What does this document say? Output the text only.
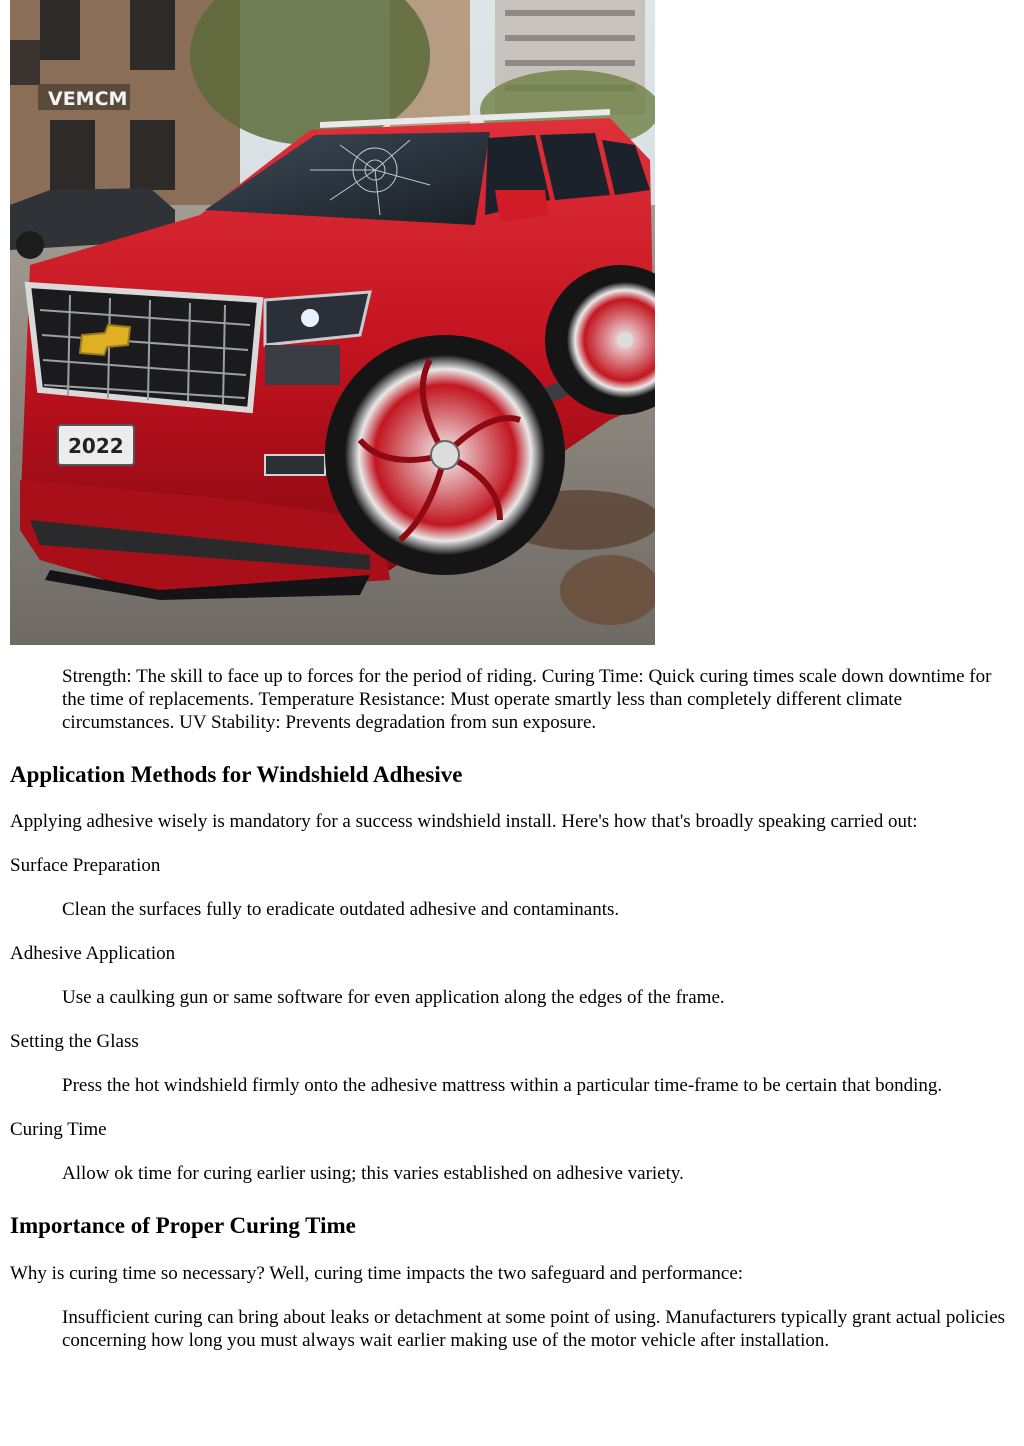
VEMCM
2022

Strength: The skill to face up to forces for the period of riding. Curing Time: Quick curing times scale down downtime for the time of replacements. Temperature Resistance: Must operate smartly less than completely different climate circumstances. UV Stability: Prevents degradation from sun exposure.

Application Methods for Windshield Adhesive

Applying adhesive wisely is mandatory for a success windshield install. Here's how that's broadly speaking carried out:

Surface Preparation

Clean the surfaces fully to eradicate outdated adhesive and contaminants.

Adhesive Application

Use a caulking gun or same software for even application along the edges of the frame.

Setting the Glass

Press the hot windshield firmly onto the adhesive mattress within a particular time-frame to be certain that bonding.

Curing Time

Allow ok time for curing earlier using; this varies established on adhesive variety.

Importance of Proper Curing Time

Why is curing time so necessary? Well, curing time impacts the two safeguard and performance:

Insufficient curing can bring about leaks or detachment at some point of using. Manufacturers typically grant actual policies concerning how long you must always wait earlier making use of the motor vehicle after installation.
